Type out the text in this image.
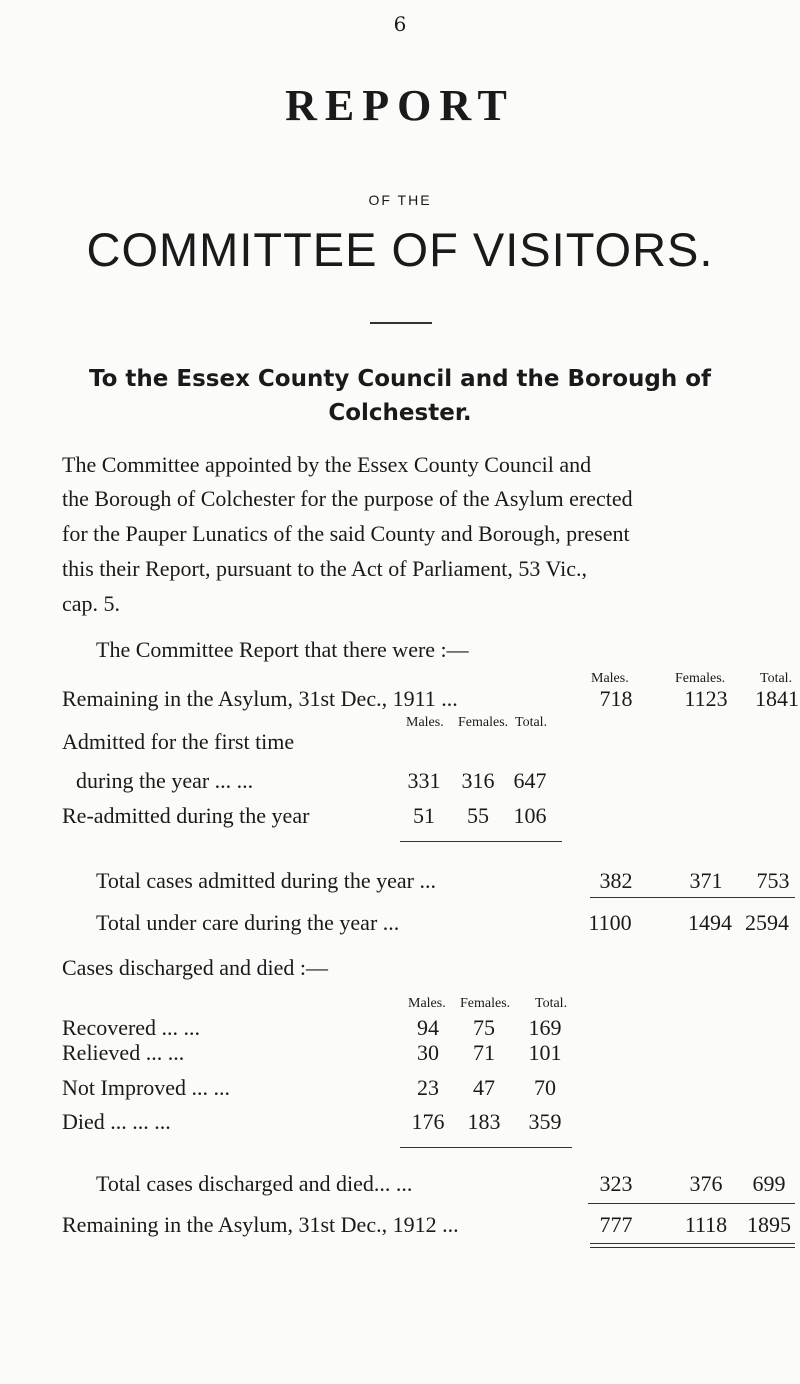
6
REPORT
OF THE
COMMITTEE OF VISITORS.
To the Essex County Council and the Borough of Colchester.
The Committee appointed by the Essex County Council and
the Borough of Colchester for the purpose of the Asylum erected
for the Pauper Lunatics of the said County and Borough, present
this their Report, pursuant to the Act of Parliament, 53 Vic.,
cap. 5.
The Committee Report that there were :—
Males.	Females. Total.
Remaining in the Asylum, 31st Dec., 1911 ...	718	1123	1841
Males. Females. Total.
Admitted for the first time
during the year ... ...	331 316 647
Re-admitted during the year	51	55	106
Total cases admitted during the year ...	382	371	753
Total under care during the year ...	1100	1494 2594
Cases discharged and died :—
Males. Females. Total.
Recovered ... ...	94	75	169
Relieved ... ...	30	71	101
Not Improved ... ...	23	47	70
Died ... ... ...	176	183	359
Total cases discharged and died... ...	323	376	699
Remaining in the Asylum, 31st Dec., 1912 ...	777	1118 1895
